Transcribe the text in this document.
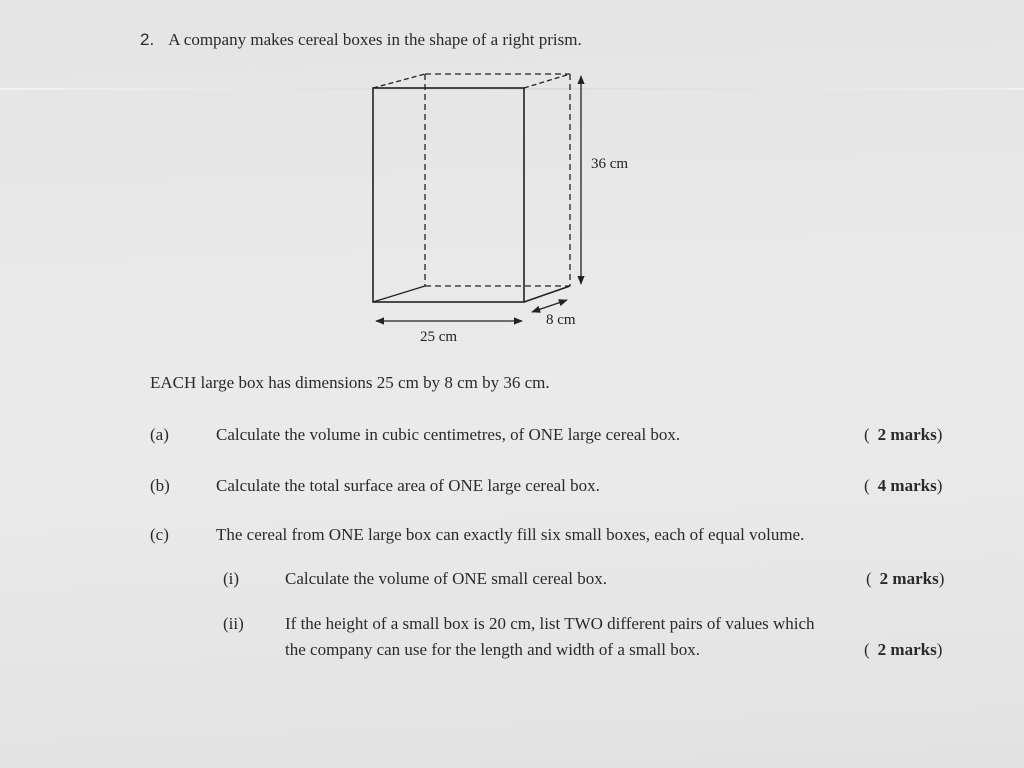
2. A company makes cereal boxes in the shape of a right prism.
36 cm
8 cm
25 cm
EACH large box has dimensions 25 cm by 8 cm by 36 cm.
(a)	Calculate the volume in cubic centimetres, of ONE large cereal box.	( 2 marks)
(b)	Calculate the total surface area of ONE large cereal box.	( 4 marks)
(c)	The cereal from ONE large box can exactly fill six small boxes, each of equal volume.
(i)	Calculate the volume of ONE small cereal box.	( 2 marks)
(ii) If the height of a small box is 20 cm, list TWO different pairs of values which
the company can use for the length and width of a small box.	( 2 marks)
